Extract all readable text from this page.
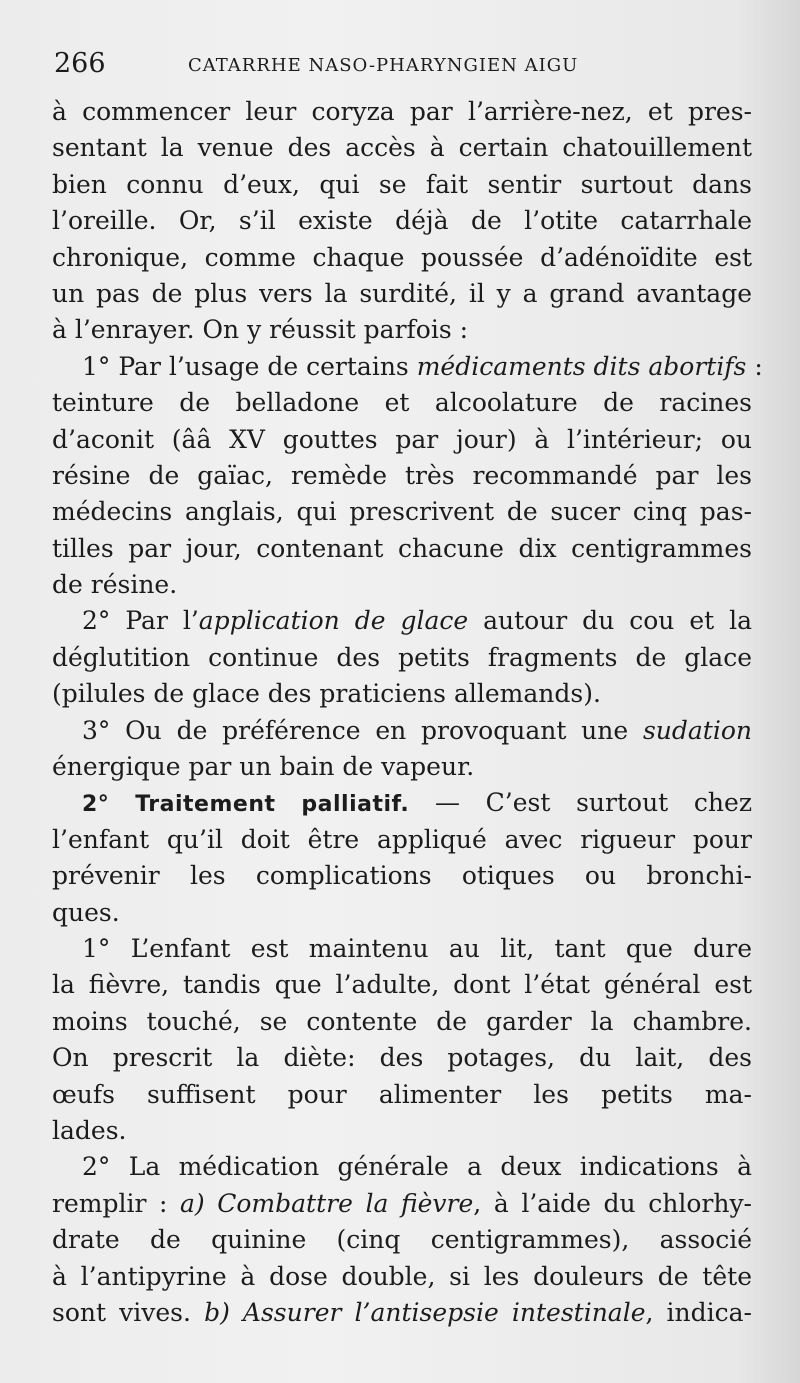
266	CATARRHE NASO-PHARYNGIEN AIGU
à commencer leur coryza par l’arrière-nez, et pres-
sentant la venue des accès à certain chatouillement
bien connu d’eux, qui se fait sentir surtout dans
l’oreille. Or, s’il existe déjà de l’otite catarrhale
chronique, comme chaque poussée d’adénoïdite est
un pas de plus vers la surdité, il y a grand avantage
à l’enrayer. On y réussit parfois :
1° Par l’usage de certains médicaments dits abortifs :
teinture de belladone et alcoolature de racines
d’aconit (ââ XV gouttes par jour) à l’intérieur; ou
résine de gaïac, remède très recommandé par les
médecins anglais, qui prescrivent de sucer cinq pas-
tilles par jour, contenant chacune dix centigrammes
de résine.
2° Par l’application de glace autour du cou et la
déglutition continue des petits fragments de glace
(pilules de glace des praticiens allemands).
3° Ou de préférence en provoquant une sudation
énergique par un bain de vapeur.
2° Traitement palliatif. — C’est surtout chez
l’enfant qu’il doit être appliqué avec rigueur pour
prévenir les complications otiques ou bronchi-
ques.
1° L’enfant est maintenu au lit, tant que dure
la fièvre, tandis que l’adulte, dont l’état général est
moins touché, se contente de garder la chambre.
On prescrit la diète: des potages, du lait, des
œufs suffisent pour alimenter les petits ma-
lades.
2° La médication générale a deux indications à
remplir : a) Combattre la fièvre, à l’aide du chlorhy-
drate de quinine (cinq centigrammes), associé
à l’antipyrine à dose double, si les douleurs de tête
sont vives. b) Assurer l’antisepsie intestinale, indica-
